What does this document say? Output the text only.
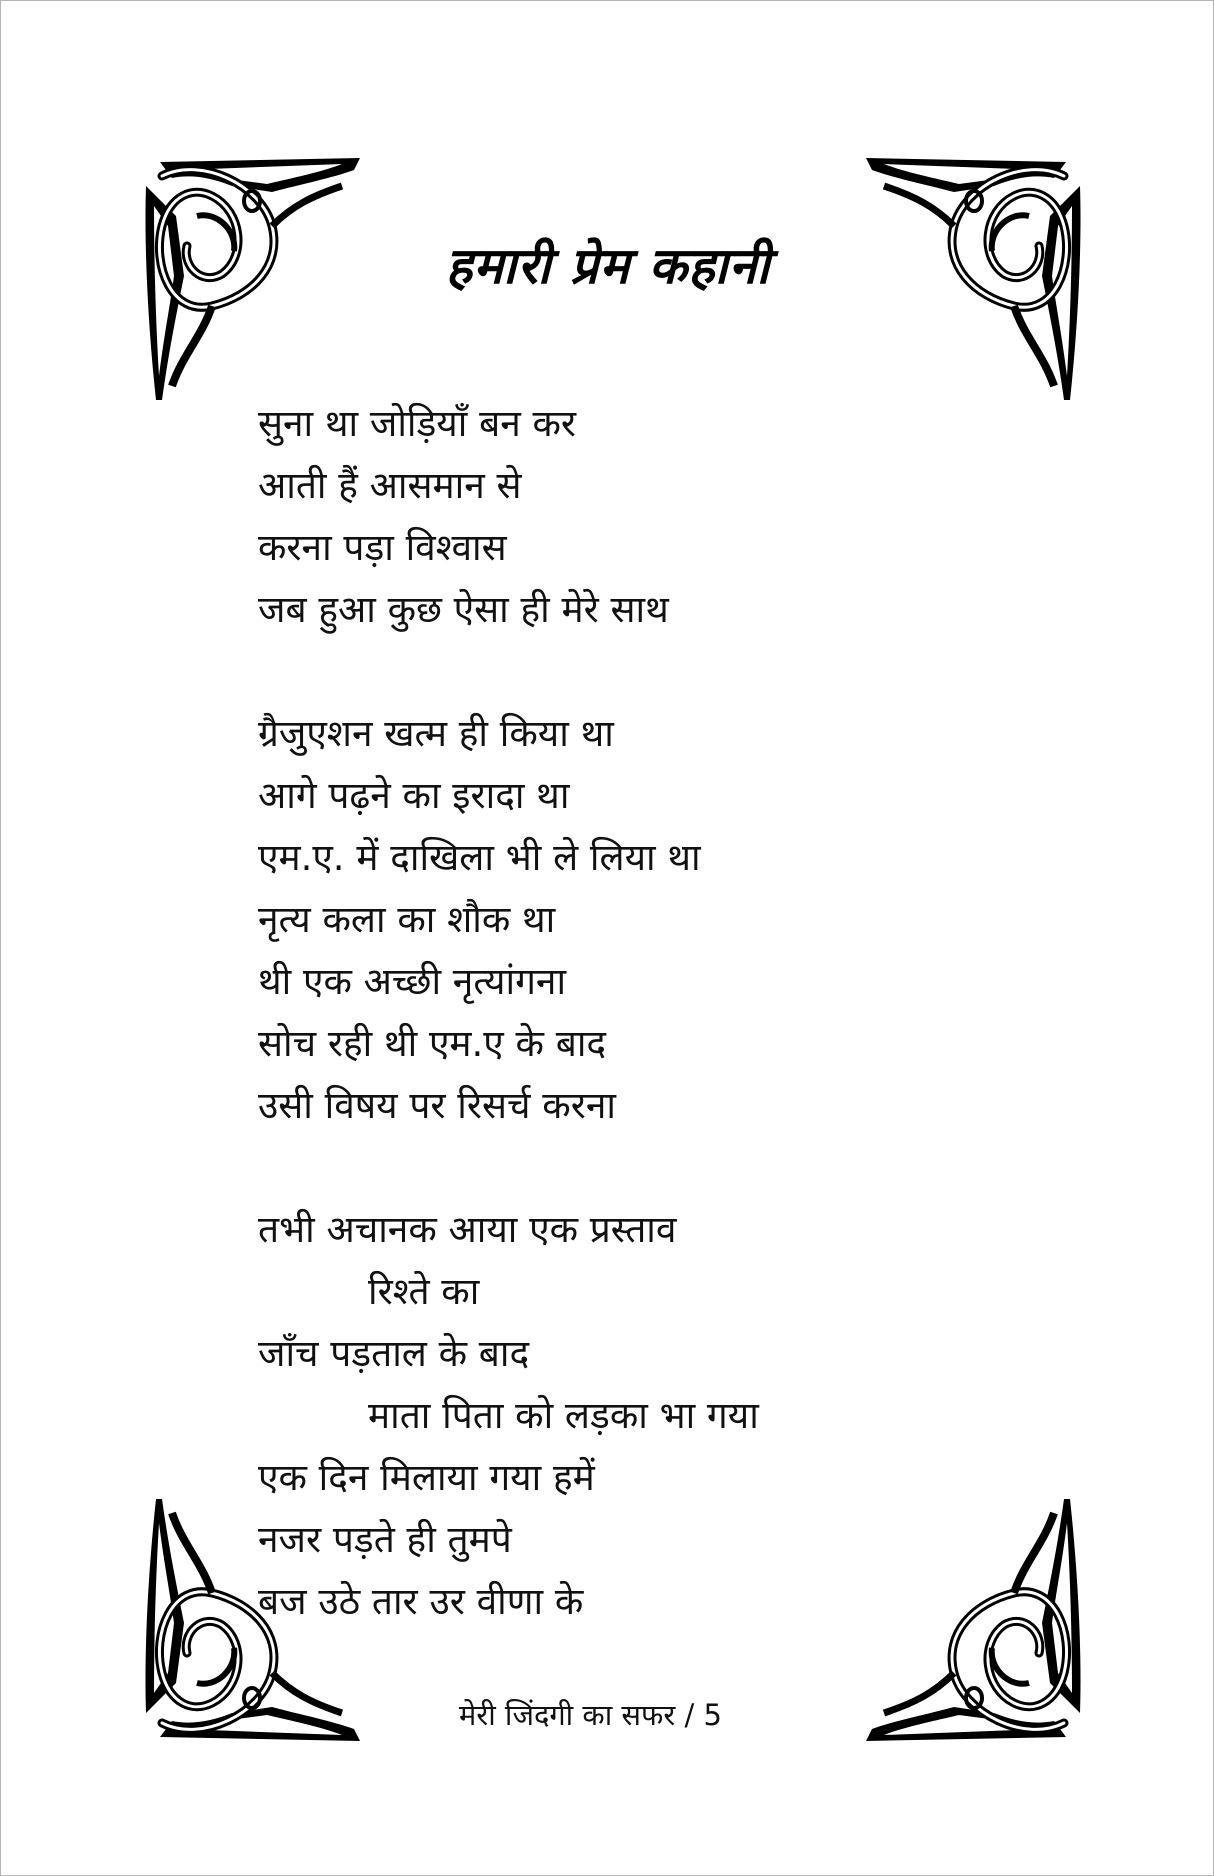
हमारी प्रेम कहानी
सुना था जोड़ियाँ बन कर
आती हैं आसमान से
करना पड़ा विश्वास
जब हुआ कुछ ऐसा ही मेरे साथ
ग्रैजुएशन खत्म ही किया था
आगे पढ़ने का इरादा था
एम.ए. में दाखिला भी ले लिया था
नृत्य कला का शौक था
थी एक अच्छी नृत्यांगना
सोच रही थी एम.ए के बाद
उसी विषय पर रिसर्च करना
तभी अचानक आया एक प्रस्ताव
रिश्ते का
जाँच पड़ताल के बाद
माता पिता को लड़का भा गया
एक दिन मिलाया गया हमें
नजर पड़ते ही तुमपे
बज उठे तार उर वीणा के
मेरी जिंदगी का सफर / 5
